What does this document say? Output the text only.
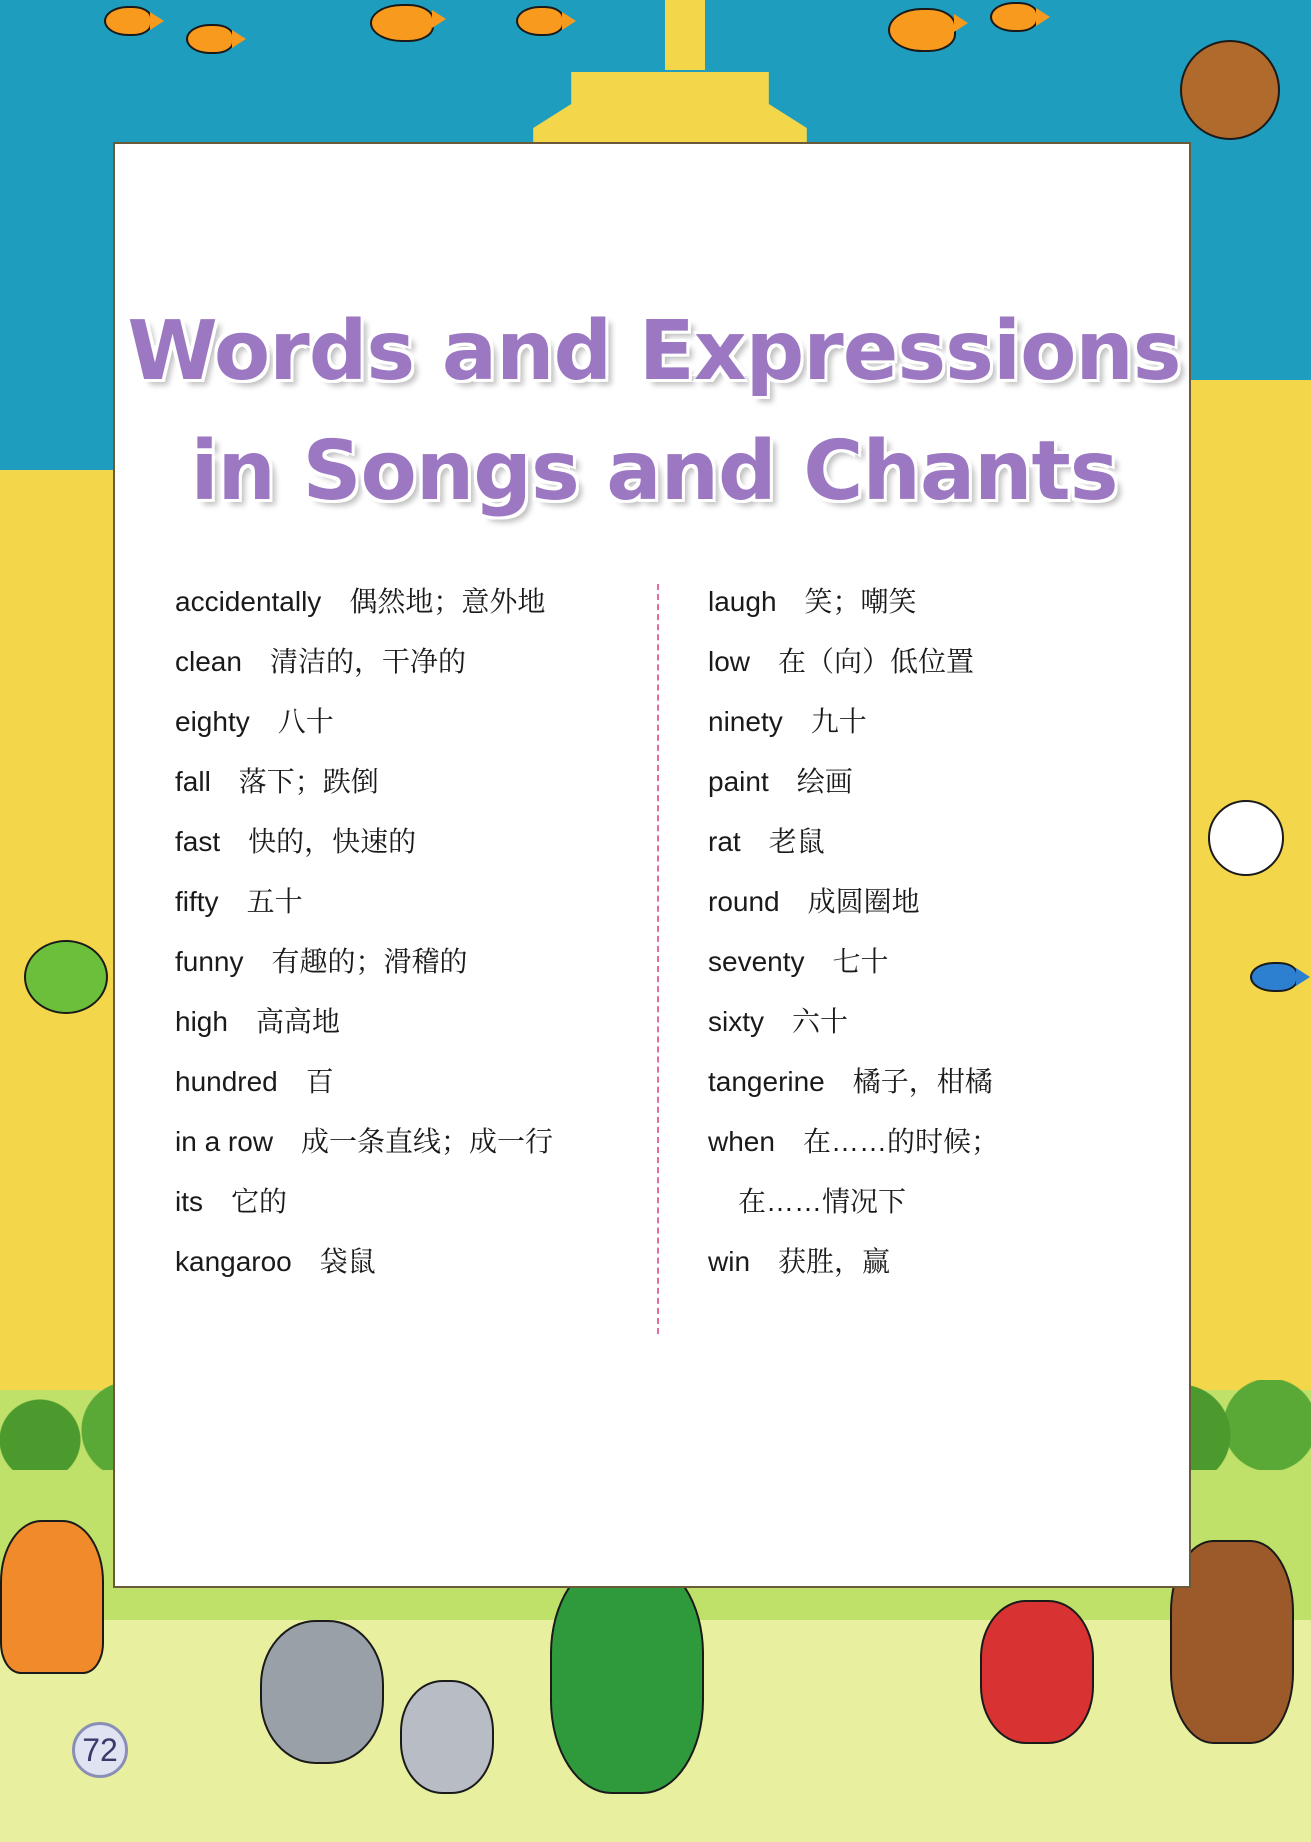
Words and Expressions
in Songs and Chants
accidentally 偶然地；意外地
clean 清洁的，干净的
eighty 八十
fall 落下；跌倒
fast 快的，快速的
fifty 五十
funny 有趣的；滑稽的
high 高高地
hundred 百
in a row 成一条直线；成一行
its 它的
kangaroo 袋鼠
laugh 笑；嘲笑
low 在（向）低位置
ninety 九十
paint 绘画
rat 老鼠
round 成圆圈地
seventy 七十
sixty 六十
tangerine 橘子，柑橘
when 在……的时候；
在……情况下
win 获胜，赢
72
